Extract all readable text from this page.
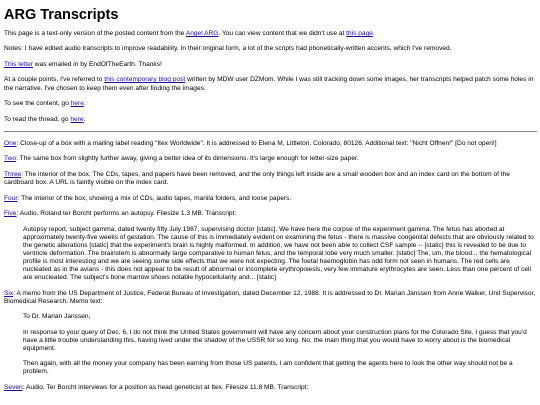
ARG Transcripts

This page is a text-only version of the posted content from the Angel ARG. You can view content that we didn't use at this page.

Notes: I have edited audio transcripts to improve readability. In their original form, a lot of the scripts had phonetically-written accents, which I've removed.

This letter was emailed in by EndOfTheEarth. Thanks!

At a couple points, I've referred to this contemporary blog post written by MDW user DZMom. While I was still tracking down some images, her transcripts helped patch some holes in the narrative. I've chosen to keep them even after finding the images.

To see the content, go here.

To read the thread, go here.

One: Close-up of a box with a mailing label reading "Itex Worldwide". It is addressed to Elena M, Littleton, Colorado, 80126. Additional text: "Nicht Offnen!" [Do not open!]

Two: The same box from slightly further away, giving a better idea of its dimensions. It's large enough for letter-size paper.

Three: The interior of the box. The CDs, tapes, and papers have been removed, and the only things left inside are a small wooden box and an index card on the bottom of the cardboard box. A URL is faintly visible on the index card.

Four: The interior of the box, showing a mix of CDs, audio tapes, manila folders, and loose papers.

Five: Audio. Roland ter Borcht performs an autopsy. Filesize 1.3 MB. Transcript:

Autopsy report, subject gamma, dated twenty fifty July 1987, supervising doctor [static]. We have here the corpse of the experiment gamma. The fetus has aborted at approximately twenty-five weeks of gestation. The cause of this is immediately evident on examining the fetus - there is massive congenital defects that are obviously related to the genetic alterations [static] that the experiment's brain is highly malformed. In addition, we have not been able to collect CSF sample -- [static] this is revealed to be due to ventricle deformation. The brainstem is abnormally large comparative to human fetus, and the temporal lobe very much smaller. [static] The, um, the blood... the hematological profile is most interesting and we are seeing some side effects that we were not expecting. The foetal haemoglobin has odd form not seen in humans. The red cells are nucleated as in the avians - this does not appear to be result of abnormal or incomplete erythropoiesis, very few immature erythrocytes are seen. Less than one percent of cell are enucleated. The subject's bone marrow shows notable hypocellularity and... [static]

Six: A memo from the US Department of Justice, Federal Bureau of Investigation, dated December 12, 1988. It is addressed to Dr. Marian Janssen from Anne Walker, Unit Supervisor, Biomedical Research. Memo text:

To Dr. Marian Janssen,

In response to your query of Dec. 6, I do not think the United States government will have any concern about your construction plans for the Colorado Site. I guess that you'd have a little trouble understanding this, having lived under the shadow of the USSR for so long. No, the main thing that you would have to worry about is the biomedical equipment.

Then again, with all the money your company has been earning from those US patents, I am confident that getting the agents here to look the other way should not be a problem.

Seven: Audio. Ter Borcht interviews for a position as head geneticist at Itex. Filesize 11.8 MB. Transcript:
